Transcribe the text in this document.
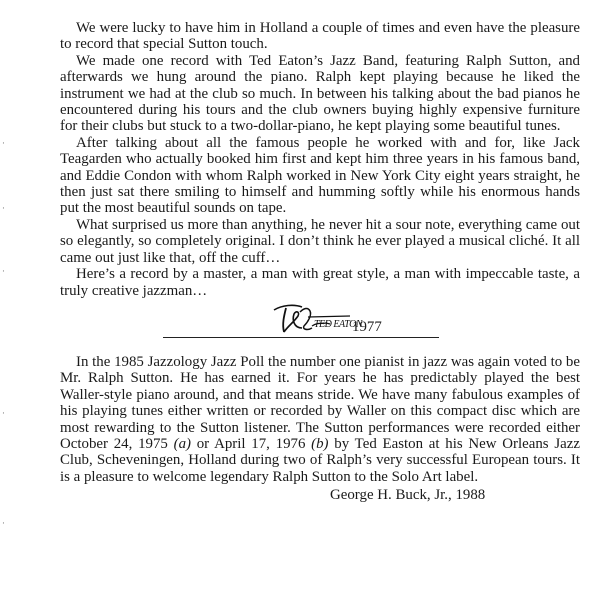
We were lucky to have him in Holland a couple of times and even have the pleasure to record that special Sutton touch.

We made one record with Ted Eaton’s Jazz Band, featuring Ralph Sutton, and afterwards we hung around the piano. Ralph kept playing because he liked the instrument we had at the club so much. In between his talking about the bad pianos he encountered during his tours and the club owners buying highly expensive furniture for their clubs but stuck to a two-dollar-piano, he kept playing some beautiful tunes.

After talking about all the famous people he worked with and for, like Jack Teagarden who actually booked him first and kept him three years in his famous band, and Eddie Condon with whom Ralph worked in New York City eight years straight, he then just sat there smiling to himself and humming softly while his enormous hands put the most beautiful sounds on tape.

What surprised us more than anything, he never hit a sour note, everything came out so elegantly, so completely original. I don’t think he ever played a musical cliché. It all came out just like that, off the cuff…

Here’s a record by a master, a man with great style, a man with impeccable taste, a truly creative jazzman…

TED EATON
1977

In the 1985 Jazzology Jazz Poll the number one pianist in jazz was again voted to be Mr. Ralph Sutton. He has earned it. For years he has predictably played the best Waller-style piano around, and that means stride. We have many fabulous examples of his playing tunes either written or recorded by Waller on this compact disc which are most rewarding to the Sutton listener. The Sutton performances were recorded either October 24, 1975 (a) or April 17, 1976 (b) by Ted Easton at his New Orleans Jazz Club, Scheveningen, Holland during two of Ralph’s very successful European tours. It is a pleasure to welcome legendary Ralph Sutton to the Solo Art label.

George H. Buck, Jr., 1988

·
·
·
·
·
